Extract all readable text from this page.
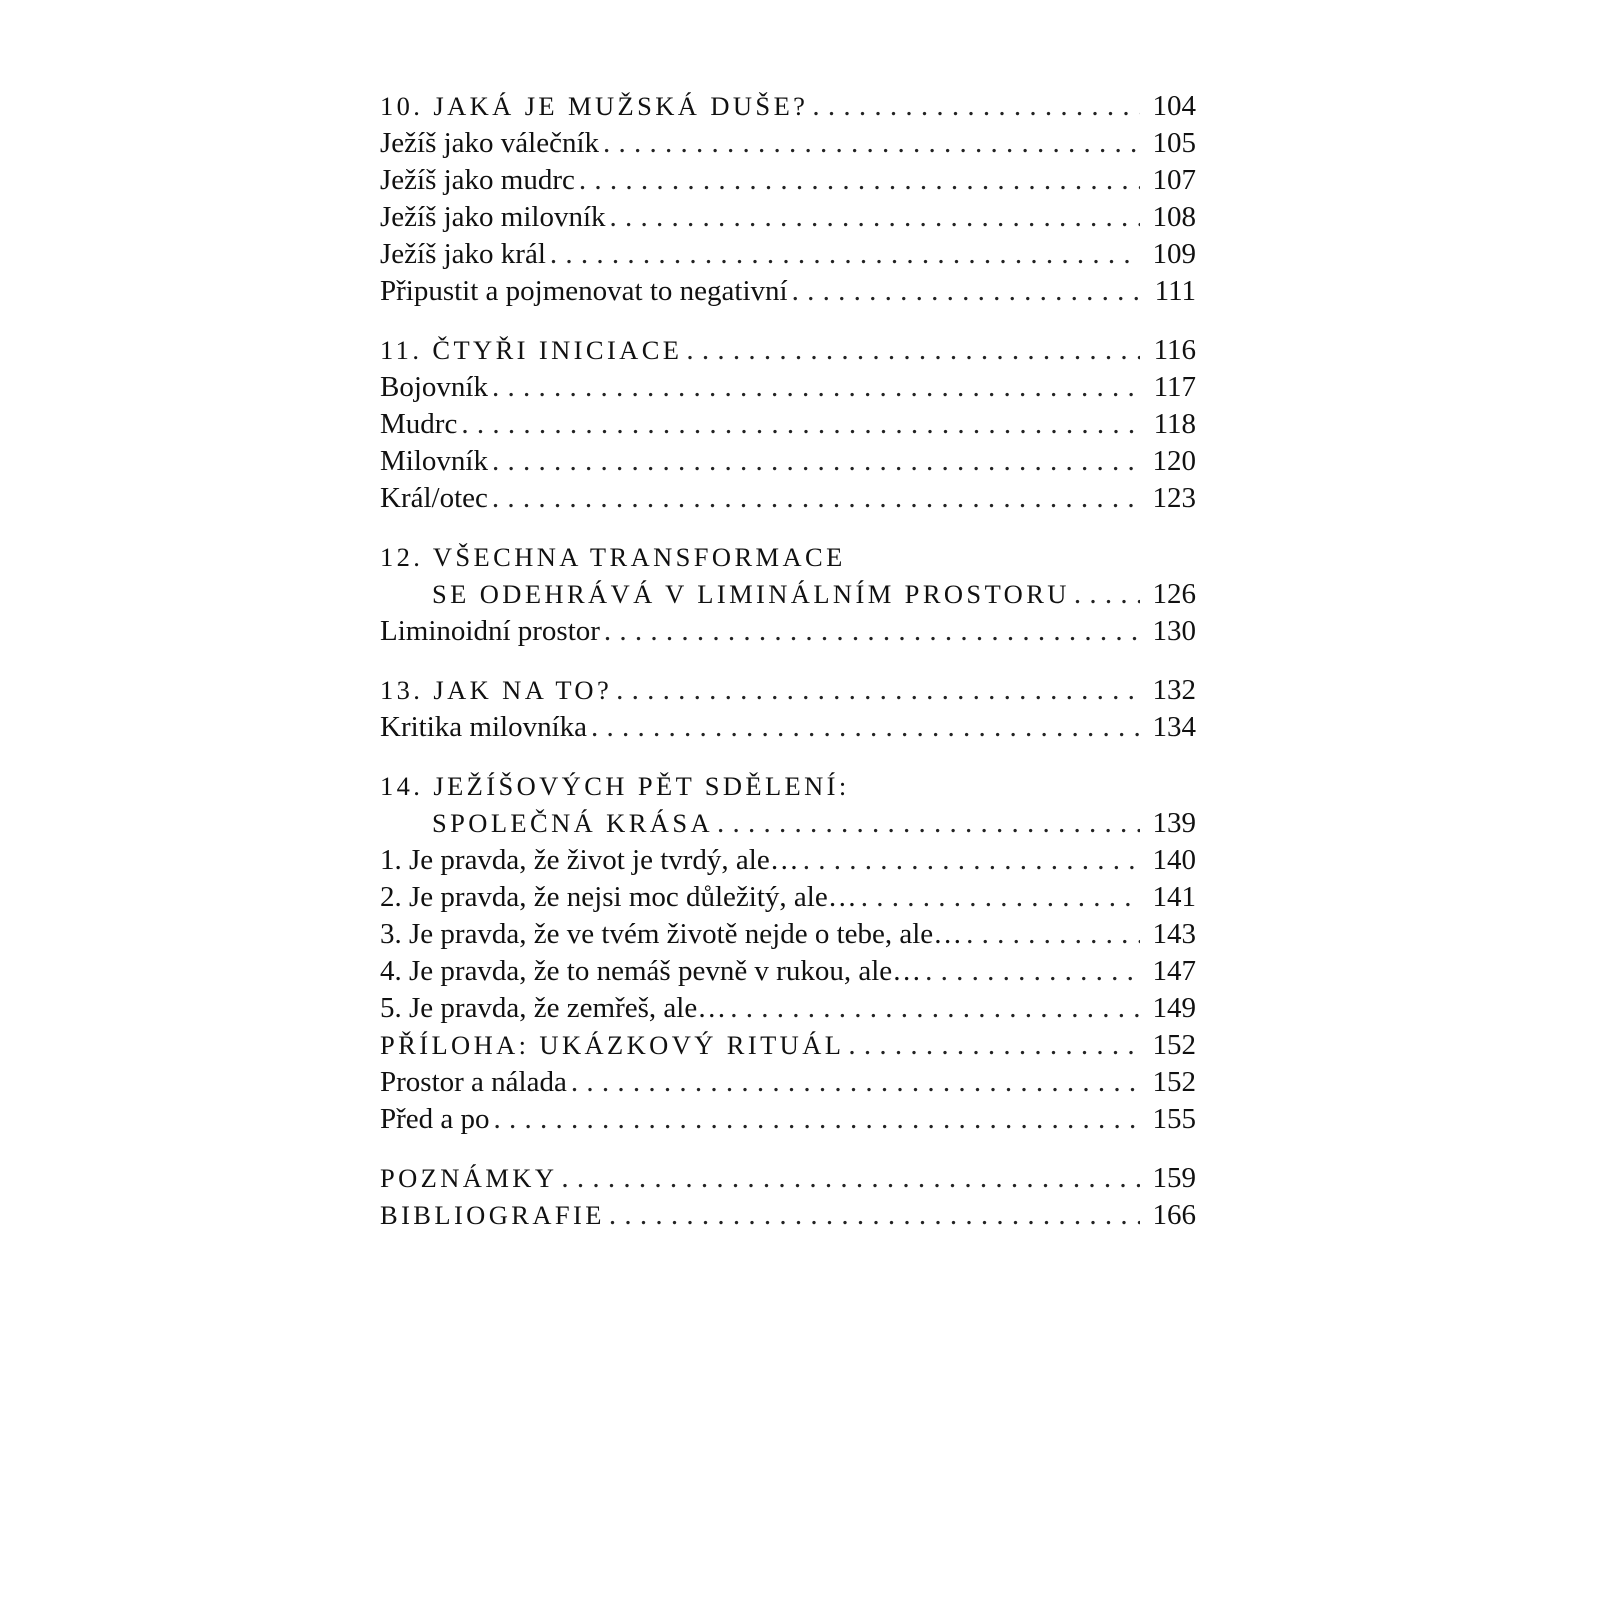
10. JAKÁ JE MUŽSKÁ DUŠE? . . .	104
Ježíš jako válečník . . .	105
Ježíš jako mudrc . . .	107
Ježíš jako milovník . . .	108
Ježíš jako král . . .	109
Připustit a pojmenovat to negativní . . .	111
11. ČTYŘI INICIACE . . .	116
Bojovník . . .	117
Mudrc . . .	118
Milovník . . .	120
Král/otec . . .	123
12. VŠECHNA TRANSFORMACE
SE ODEHRÁVÁ V LIMINÁLNÍM PROSTORU . . .	126
Liminoidní prostor . . .	130
13. JAK NA TO? . . .	132
Kritika milovníka . . .	134
14. JEŽÍŠOVÝCH PĚT SDĚLENÍ:
SPOLEČNÁ KRÁSA . . .	139
1. Je pravda, že život je tvrdý, ale… . . .	140
2. Je pravda, že nejsi moc důležitý, ale… . . .	141
3. Je pravda, že ve tvém životě nejde o tebe, ale… . . .	143
4. Je pravda, že to nemáš pevně v rukou, ale… . . .	147
5. Je pravda, že zemřeš, ale… . . .	149
PŘÍLOHA: UKÁZKOVÝ RITUÁL . . .	152
Prostor a nálada . . .	152
Před a po . . .	155
POZNÁMKY . . .	159
BIBLIOGRAFIE . . .	166
